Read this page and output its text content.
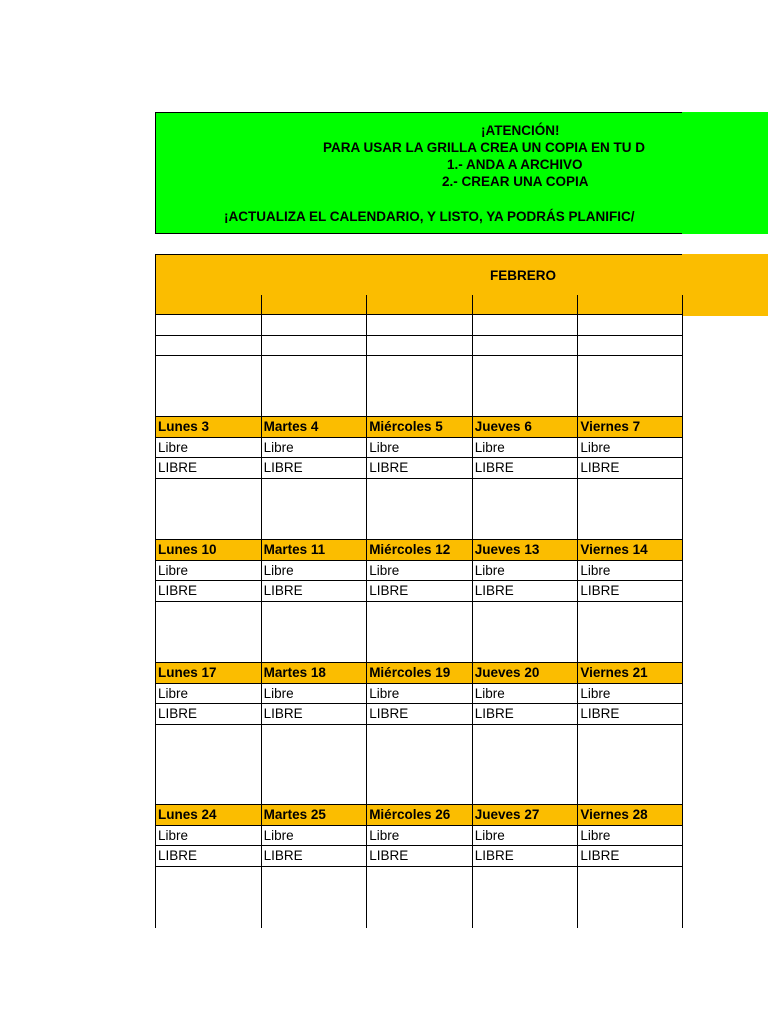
¡ATENCIÓN!
PARA USAR LA GRILLA CREA UN COPIA EN TU D
1.- ANDA A ARCHIVO
2.- CREAR UNA COPIA
¡ACTUALIZA EL CALENDARIO, Y LISTO, YA PODRÁS PLANIFIC/
FEBRERO
Lunes 3	Martes 4	Miércoles 5	Jueves 6	Viernes 7
Libre	Libre	Libre	Libre	Libre
LIBRE	LIBRE	LIBRE	LIBRE	LIBRE
Lunes 10	Martes 11	Miércoles 12	Jueves 13	Viernes 14
Libre	Libre	Libre	Libre	Libre
LIBRE	LIBRE	LIBRE	LIBRE	LIBRE
Lunes 17	Martes 18	Miércoles 19	Jueves 20	Viernes 21
Libre	Libre	Libre	Libre	Libre
LIBRE	LIBRE	LIBRE	LIBRE	LIBRE
Lunes 24	Martes 25	Miércoles 26	Jueves 27	Viernes 28
Libre	Libre	Libre	Libre	Libre
LIBRE	LIBRE	LIBRE	LIBRE	LIBRE
